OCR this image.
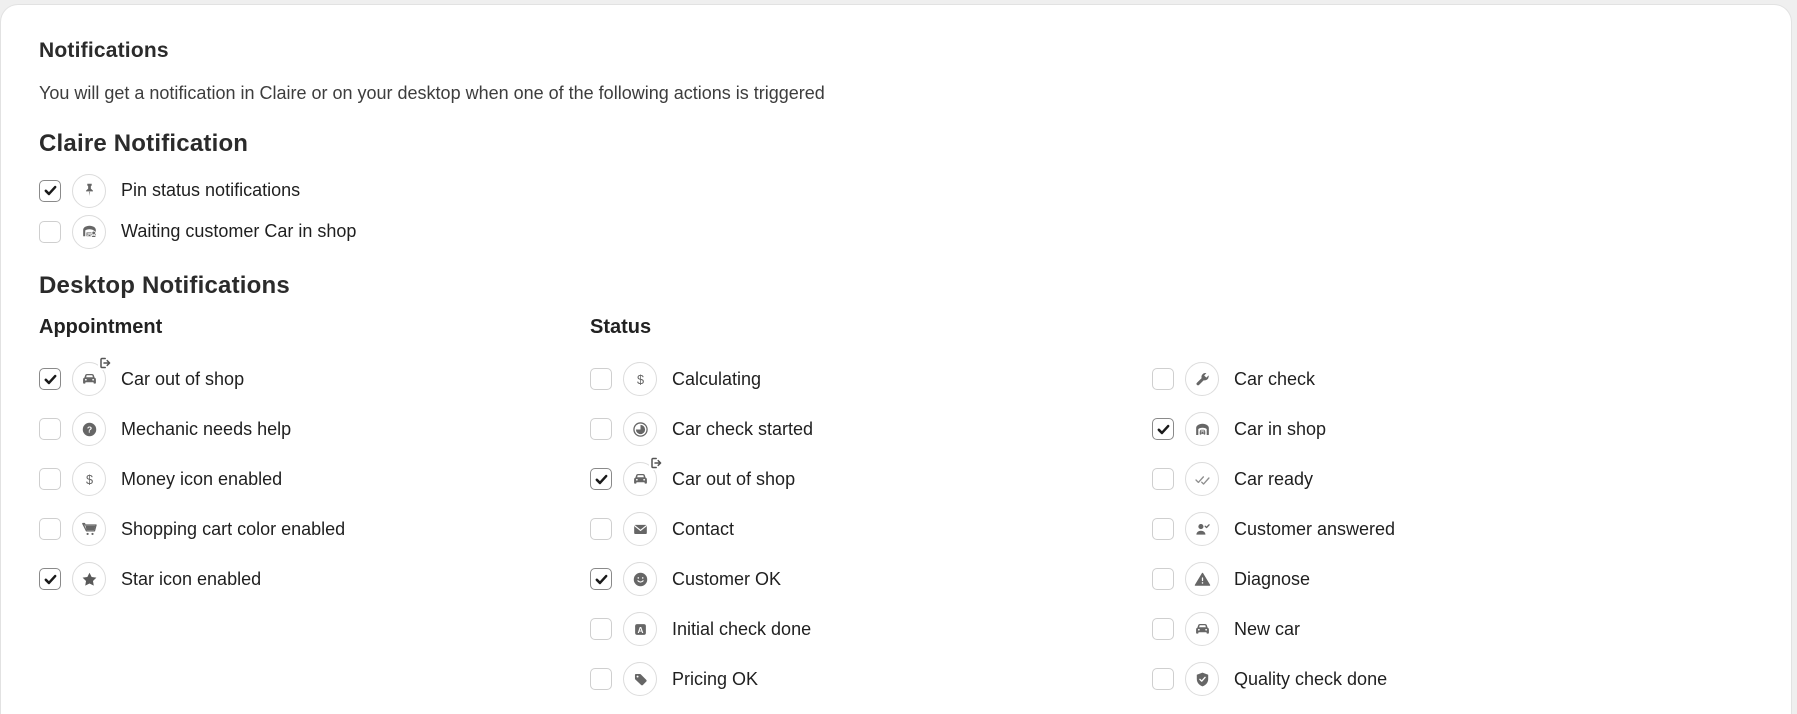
Notifications
You will get a notification in Claire or on your desktop when one of the following actions is triggered
Claire Notification
Pin status notifications
Waiting customer Car in shop
Desktop Notifications
Appointment
Car out of shop
? Mechanic needs help
$ Money icon enabled
Shopping cart color enabled
Star icon enabled
Status
$ Calculating
Car check started
Car out of shop
Contact
Customer OK
A Initial check done
Pricing OK
Car check
Car in shop
Car ready
Customer answered
Diagnose
New car
Quality check done
